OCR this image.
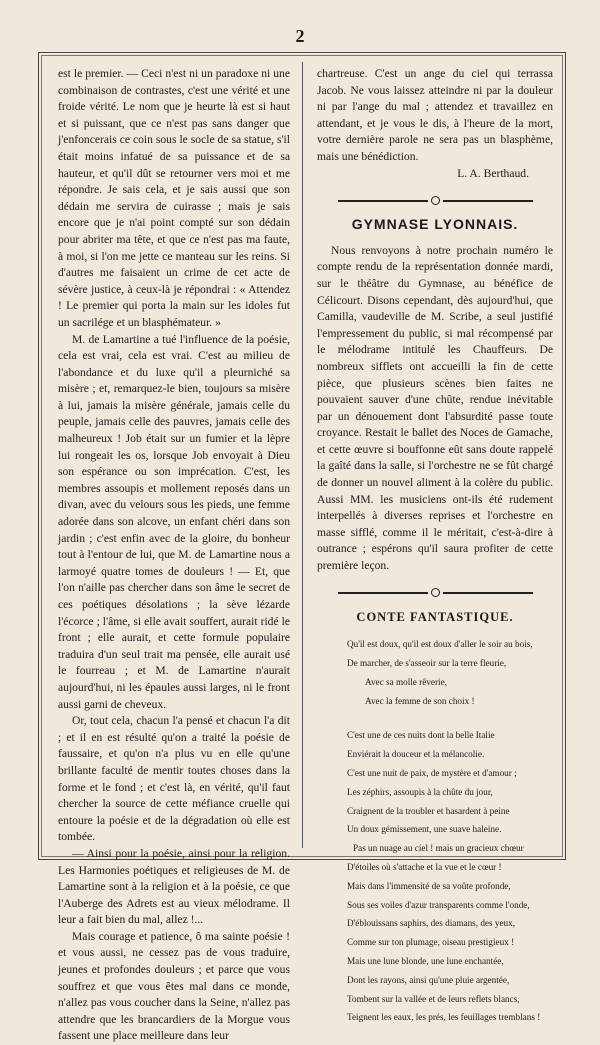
2

est le premier. — Ceci n'est ni un paradoxe ni une combinaison de contrastes, c'est une vérité et une froide vérité. Le nom que je heurte là est si haut et si puissant, que ce n'est pas sans danger que j'enfoncerais ce coin sous le socle de sa statue, s'il était moins infatué de sa puissance et de sa hauteur, et qu'il dût se retourner vers moi et me répondre. Je sais cela, et je sais aussi que son dédain me servira de cuirasse ; mais je sais encore que je n'ai point compté sur son dédain pour abriter ma tête, et que ce n'est pas ma faute, à moi, si l'on me jette ce manteau sur les reins. Si d'autres me faisaient un crime de cet acte de sévère justice, à ceux-là je répondrai : « Attendez ! Le premier qui porta la main sur les idoles fut un sacrilége et un blasphémateur. »

M. de Lamartine a tué l'influence de la poésie, cela est vrai, cela est vrai. C'est au milieu de l'abondance et du luxe qu'il a pleurniché sa misère ; et, remarquez-le bien, toujours sa misère à lui, jamais la misère générale, jamais celle du peuple, jamais celle des pauvres, jamais celle des malheureux ! Job était sur un fumier et la lèpre lui rongeait les os, lorsque Job envoyait à Dieu son espérance ou son imprécation. C'est, les membres assoupis et mollement reposés dans un divan, avec du velours sous les pieds, une femme adorée dans son alcove, un enfant chéri dans son jardin ; c'est enfin avec de la gloire, du bonheur tout à l'entour de lui, que M. de Lamartine nous a larmoyé quatre tomes de douleurs ! — Et, que l'on n'aille pas chercher dans son âme le secret de ces poétiques désolations ; la sève lézarde l'écorce ; l'âme, si elle avait souffert, aurait ridé le front ; elle aurait, et cette formule populaire traduira d'un seul trait ma pensée, elle aurait usé le fourreau ; et M. de Lamartine n'aurait aujourd'hui, ni les épaules aussi larges, ni le front aussi garni de cheveux.

Or, tout cela, chacun l'a pensé et chacun l'a dit ; et il en est résulté qu'on a traité la poésie de faussaire, et qu'on n'a plus vu en elle qu'une brillante faculté de mentir toutes choses dans la forme et le fond ; et c'est là, en vérité, qu'il faut chercher la source de cette méfiance cruelle qui entoure la poésie et de la dégradation où elle est tombée.

— Ainsi pour la poésie, ainsi pour la religion. Les Harmonies poétiques et religieuses de M. de Lamartine sont à la religion et à la poésie, ce que l'Auberge des Adrets est au vieux mélodrame. Il leur a fait bien du mal, allez !...

Mais courage et patience, ô ma sainte poésie ! et vous aussi, ne cessez pas de vous traduire, jeunes et profondes douleurs ; et parce que vous souffrez et que vous êtes mal dans ce monde, n'allez pas vous coucher dans la Seine, n'allez pas attendre que les brancardiers de la Morgue vous fassent une place meilleure dans leur

chartreuse. C'est un ange du ciel qui terrassa Jacob. Ne vous laissez atteindre ni par la douleur ni par l'ange du mal ; attendez et travaillez en attendant, et je vous le dis, à l'heure de la mort, votre dernière parole ne sera pas un blasphème, mais une bénédiction.

L. A. Berthaud.

GYMNASE LYONNAIS.

Nous renvoyons à notre prochain numéro le compte rendu de la représentation donnée mardi, sur le théâtre du Gymnase, au bénéfice de Célicourt. Disons cependant, dès aujourd'hui, que Camilla, vaudeville de M. Scribe, a seul justifié l'empressement du public, si mal récompensé par le mélodrame intitulé les Chauffeurs. De nombreux sifflets ont accueilli la fin de cette pièce, que plusieurs scènes bien faites ne pouvaient sauver d'une chûte, rendue inévitable par un dénouement dont l'absurdité passe toute croyance. Restait le ballet des Noces de Gamache, et cette œuvre si bouffonne eût sans doute rappelé la gaîté dans la salle, si l'orchestre ne se fût chargé de donner un nouvel aliment à la colère du public. Aussi MM. les musiciens ont-ils été rudement interpellés à diverses reprises et l'orchestre en masse sifflé, comme il le méritait, c'est-à-dire à outrance ; espérons qu'il saura profiter de cette première leçon.

CONTE FANTASTIQUE.
Qu'il est doux, qu'il est doux d'aller le soir au bois,
De marcher, de s'asseoir sur la terre fleurie,
Avec sa molle rêverie,
Avec la femme de son choix !
C'est une de ces nuits dont la belle Italie
Enviérait la douceur et la mélancolie.
C'est une nuit de paix, de mystère et d'amour ;
Les zéphirs, assoupis à la chûte du jour,
Craignent de la troubler et hasardent à peine
Un doux gémissement, une suave haleine.
Pas un nuage au ciel ! mais un gracieux chœur
D'étoiles où s'attache et la vue et le cœur !
Mais dans l'immensité de sa voûte profonde,
Sous ses voiles d'azur transparents comme l'onde,
D'éblouissans saphirs, des diamans, des yeux,
Comme sur ton plumage, oiseau prestigieux !
Mais une lune blonde, une lune enchantée,
Dont les rayons, ainsi qu'une pluie argentée,
Tombent sur la vallée et de leurs reflets blancs,
Teignent les eaux, les prés, les feuillages tremblans !
